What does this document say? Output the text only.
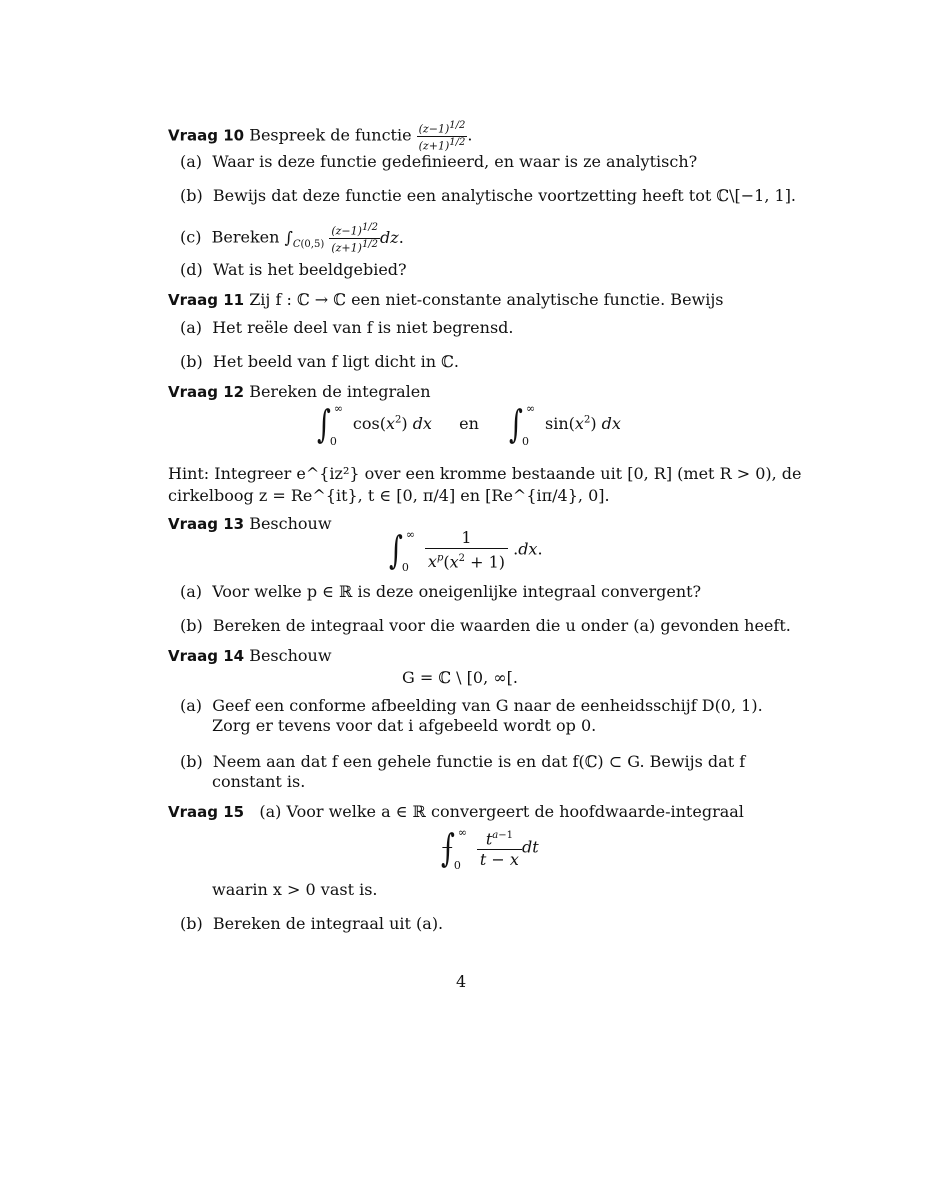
Vraag 10 Bespreek de functie $\frac{(z-1)^{1/2}}{(z+1)^{1/2}}$ .
(a) Waar is deze functie gedefinieerd, en waar is ze analytisch?
(b) Bewijs dat deze functie een analytische voortzetting heeft tot ℂ\[−1, 1].
(c) Bereken $\int_{C(0,5)} \frac{(z-1)^{1/2}}{(z+1)^{1/2}}$ dz.
(d) Wat is het beeldgebied?
Vraag 11 Zij f : ℂ → ℂ een niet-constante analytische functie. Bewijs
(a) Het reële deel van f is niet begrensd.
(b) Het beeld van f ligt dicht in ℂ.
Vraag 12 Bereken de integralen
∫ ∞
0
$\cos(x^2)$ dx en ∫ ∞
0
$\sin(x^2)$ dx
Hint: Integreer e^{iz²} over een kromme bestaande uit [0, R] (met R > 0), de
cirkelboog z = Re^{it}, t ∈ [0, π/4] en [Re^{iπ/4}, 0].
Vraag 13 Beschouw
∫ ∞
0
$\frac{1}{x^p(x^2 + 1)} .dx$.
(a) Voor welke p ∈ ℝ is deze oneigenlijke integraal convergent?
(b) Bereken de integraal voor die waarden die u onder (a) gevonden heeft.
Vraag 14 Beschouw
G = ℂ \ [0, ∞[.
(a) Geef een conforme afbeelding van G naar de eenheidsschijf D(0, 1).
Zorg er tevens voor dat i afgebeeld wordt op 0.
(b) Neem aan dat f een gehele functie is en dat f(ℂ) ⊂ G. Bewijs dat f
constant is.
Vraag 15 (a) Voor welke a ∈ ℝ convergeert de hoofdwaarde-integraal
∫ ∞
0
$\frac{t^{a-1}}{t - x}$ dt
waarin x > 0 vast is.
(b) Bereken de integraal uit (a).
4
